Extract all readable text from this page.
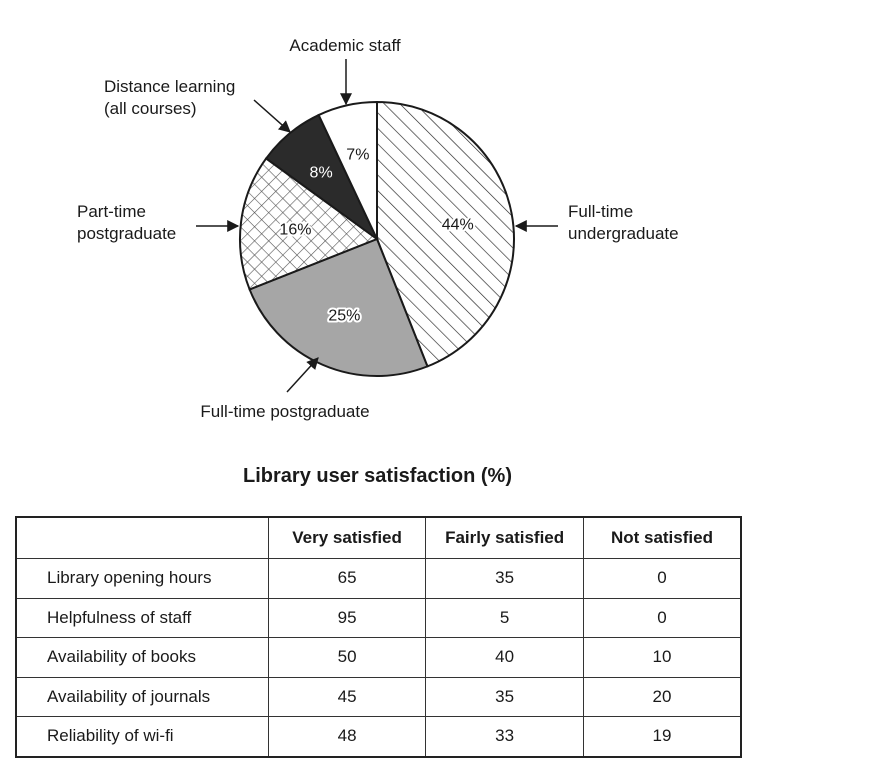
44%
25%
16%
8%
7%
Academic staff
Distance learning
(all courses)
Part-time
postgraduate
Full-time
undergraduate
Full-time postgraduate
Library user satisfaction (%)
	Very satisfied	Fairly satisfied	Not satisfied
Library opening hours	65	35	0
Helpfulness of staff	95	5	0
Availability of books	50	40	10
Availability of journals	45	35	20
Reliability of wi-fi	48	33	19
